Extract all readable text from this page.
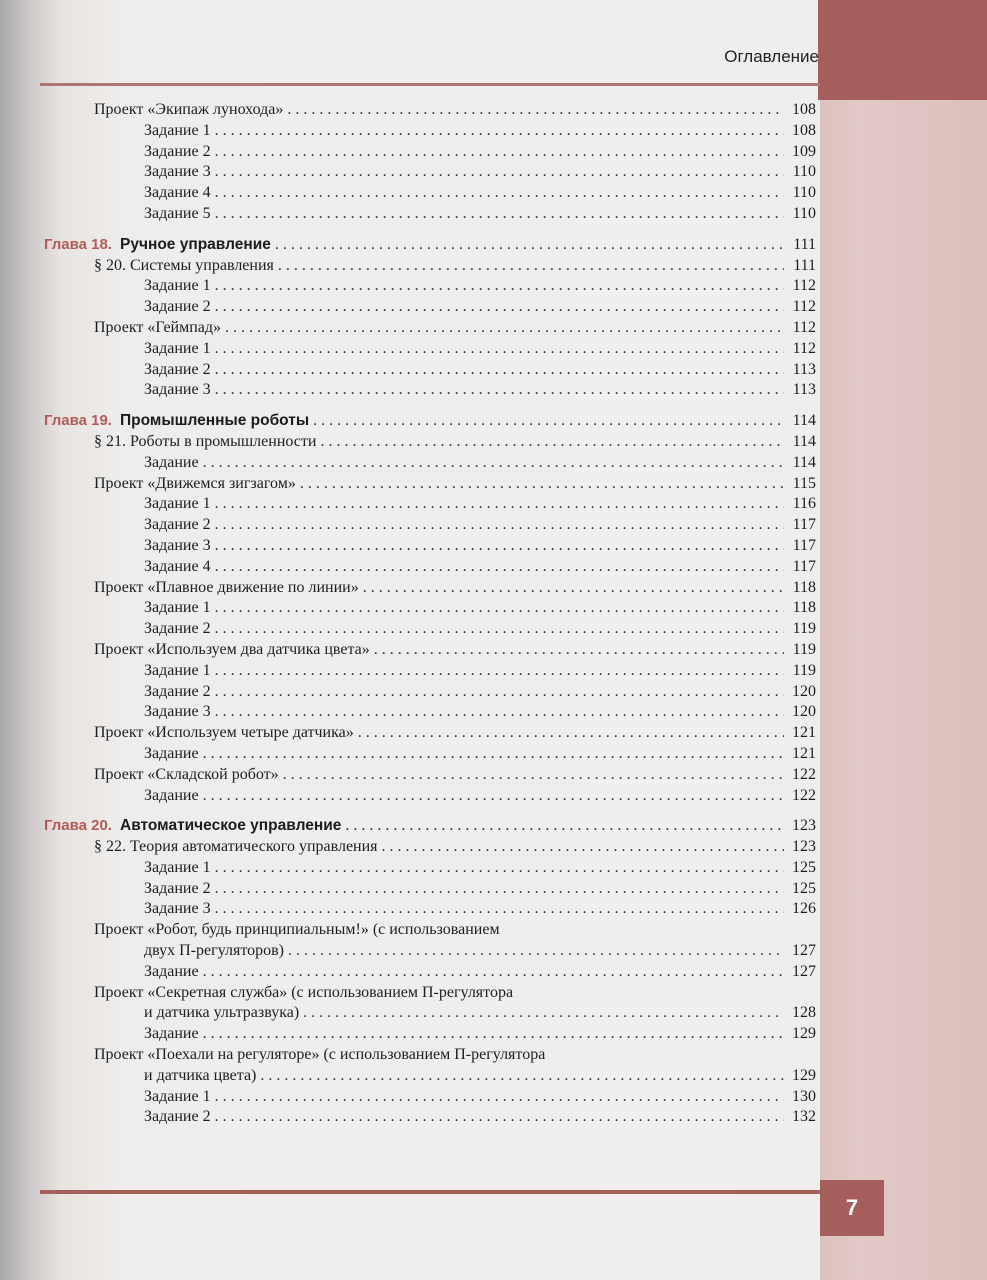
Оглавление
Проект «Экипаж лунохода» . . .	108
Задание 1 . . .	108
Задание 2 . . .	109
Задание 3 . . .	110
Задание 4 . . .	110
Задание 5 . . .	110
Глава 18. Ручное управление . . .	111
§ 20. Системы управления . . .	111
Задание 1 . . .	112
Задание 2 . . .	112
Проект «Геймпад» . . .	112
Задание 1 . . .	112
Задание 2 . . .	113
Задание 3 . . .	113
Глава 19. Промышленные роботы . . .	114
§ 21. Роботы в промышленности . . .	114
Задание . . .	114
Проект «Движемся зигзагом» . . .	115
Задание 1 . . .	116
Задание 2 . . .	117
Задание 3 . . .	117
Задание 4 . . .	117
Проект «Плавное движение по линии» . . .	118
Задание 1 . . .	118
Задание 2 . . .	119
Проект «Используем два датчика цвета» . . .	119
Задание 1 . . .	119
Задание 2 . . .	120
Задание 3 . . .	120
Проект «Используем четыре датчика» . . .	121
Задание . . .	121
Проект «Складской робот» . . .	122
Задание . . .	122
Глава 20. Автоматическое управление . . .	123
§ 22. Теория автоматического управления . . .	123
Задание 1 . . .	125
Задание 2 . . .	125
Задание 3 . . .	126
Проект «Робот, будь принципиальным!» (с использованием
двух П-регуляторов) . . .	127
Задание . . .	127
Проект «Секретная служба» (с использованием П-регулятора
и датчика ультразвука) . . .	128
Задание . . .	129
Проект «Поехали на регуляторе» (с использованием П-регулятора
и датчика цвета) . . .	129
Задание 1 . . .	130
Задание 2 . . .	132
7
